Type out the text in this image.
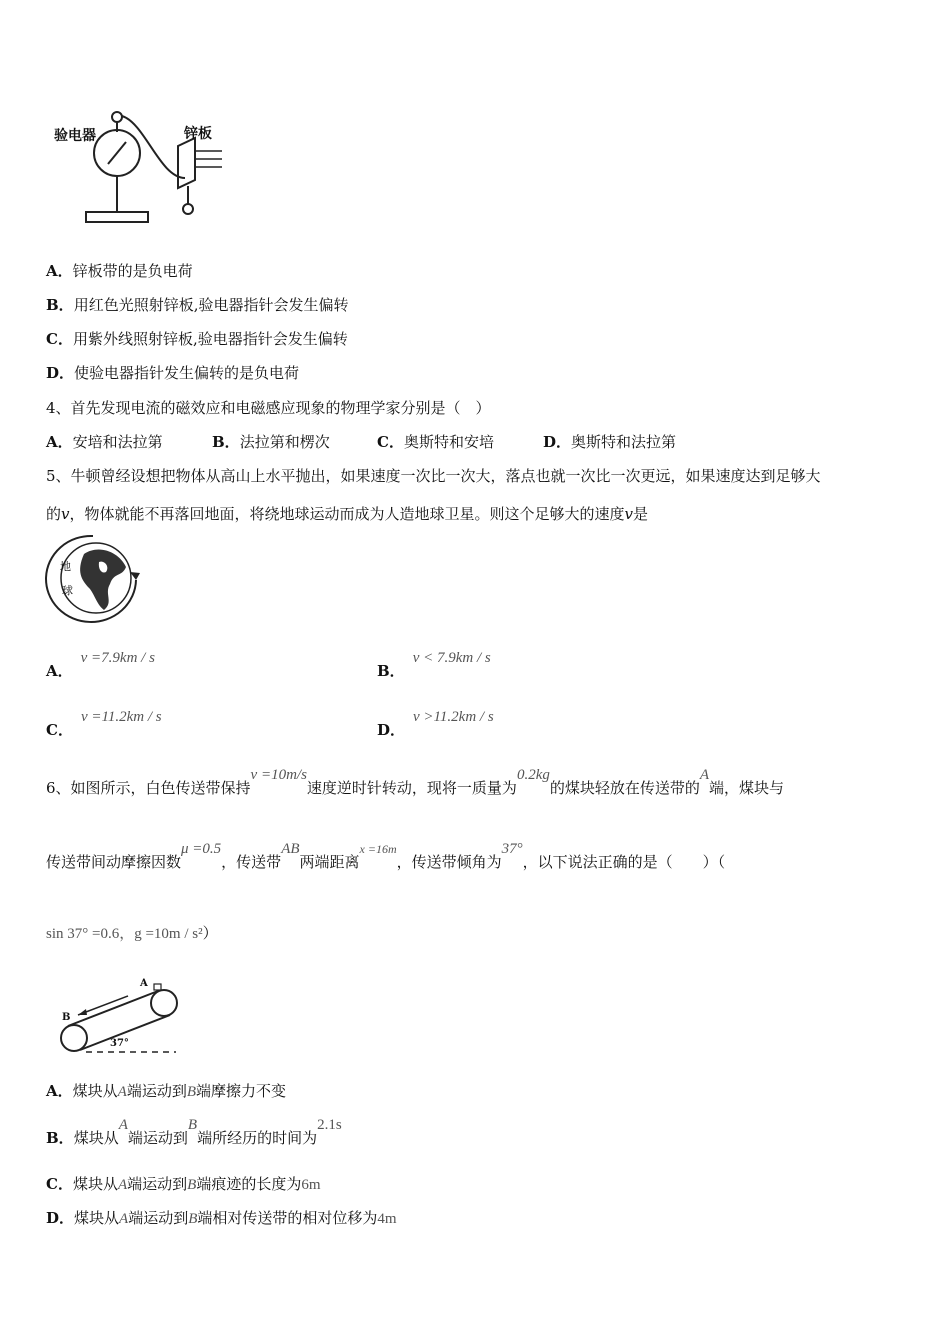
验电器	锌板
A．锌板带的是负电荷
B．用红色光照射锌板,验电器指针会发生偏转
C．用紫外线照射锌板,验电器指针会发生偏转
D．使验电器指针发生偏转的是负电荷
4、首先发现电流的磁效应和电磁感应现象的物理学家分别是（　）
A．安培和法拉第	B．法拉第和楞次	C．奥斯特和安培	D．奥斯特和法拉第
5、牛顿曾经设想把物体从高山上水平抛出，如果速度一次比一次大，落点也就一次比一次更远，如果速度达到足够大
的v，物体就能不再落回地面，将绕地球运动而成为人造地球卫星。则这个足够大的速度v是
地
球
A．v =7.9km / s
B．v < 7.9km / s
C．v =11.2km / s
D．v >11.2km / s
6、如图所示，白色传送带保持v =10m/s速度逆时针转动，现将一质量为0.2kg的煤块轻放在传送带的A端，煤块与
传送带间动摩擦因数μ =0.5，传送带AB两端距离$^{x =16m}$，传送带倾角为37°，以下说法正确的是（　　）（
sin 37° =0.6，g =10m / s²）
A
B
37°
A．煤块从A端运动到B端摩擦力不变
B．煤块从A端运动到B端所经历的时间为2.1s
C．煤块从A端运动到B端痕迹的长度为6m
D．煤块从A端运动到B端相对传送带的相对位移为4m
